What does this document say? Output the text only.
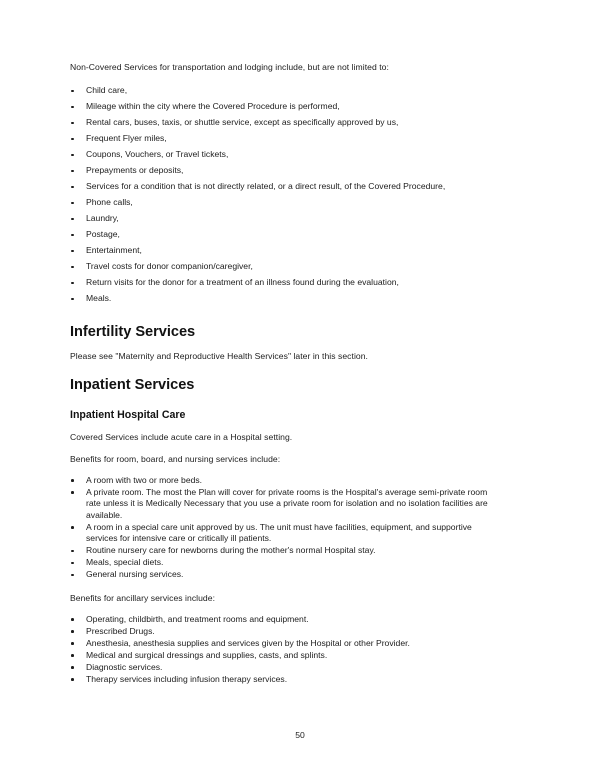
Non-Covered Services for transportation and lodging include, but are not limited to:

Child care,
Mileage within the city where the Covered Procedure is performed,
Rental cars, buses, taxis, or shuttle service, except as specifically approved by us,
Frequent Flyer miles,
Coupons, Vouchers, or Travel tickets,
Prepayments or deposits,
Services for a condition that is not directly related, or a direct result, of the Covered Procedure,
Phone calls,
Laundry,
Postage,
Entertainment,
Travel costs for donor companion/caregiver,
Return visits for the donor for a treatment of an illness found during the evaluation,
Meals.
Infertility Services

Please see "Maternity and Reproductive Health Services" later in this section.

Inpatient Services
Inpatient Hospital Care

Covered Services include acute care in a Hospital setting.

Benefits for room, board, and nursing services include:

A room with two or more beds.
A private room. The most the Plan will cover for private rooms is the Hospital's average semi-private room rate unless it is Medically Necessary that you use a private room for isolation and no isolation facilities are available.
A room in a special care unit approved by us. The unit must have facilities, equipment, and supportive services for intensive care or critically ill patients.
Routine nursery care for newborns during the mother's normal Hospital stay.
Meals, special diets.
General nursing services.

Benefits for ancillary services include:

Operating, childbirth, and treatment rooms and equipment.
Prescribed Drugs.
Anesthesia, anesthesia supplies and services given by the Hospital or other Provider.
Medical and surgical dressings and supplies, casts, and splints.
Diagnostic services.
Therapy services including infusion therapy services.
50
